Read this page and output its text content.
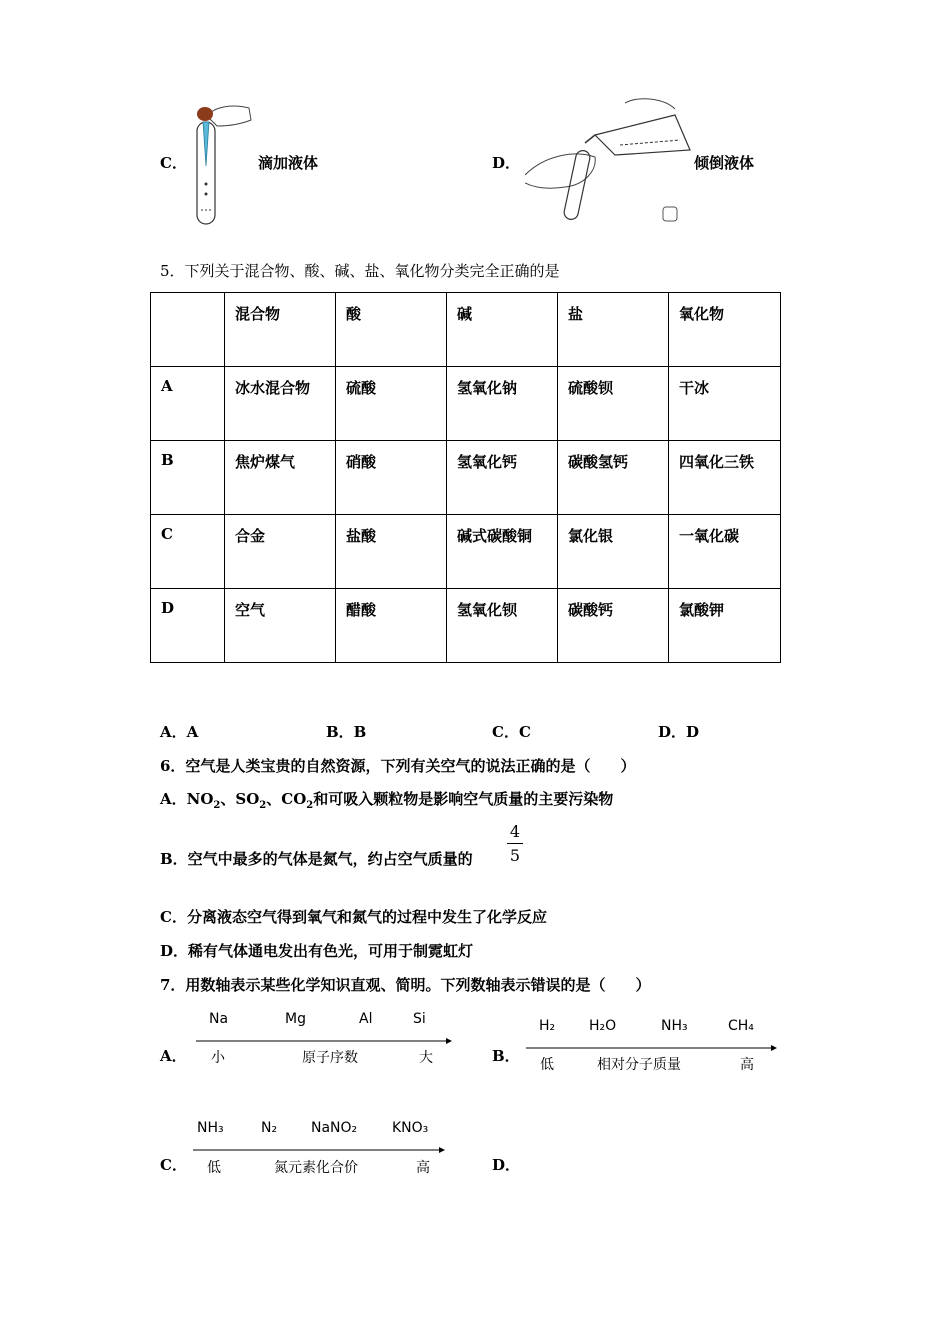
C．	滴加液体	D．	倾倒液体
5．下列关于混合物、酸、碱、盐、氧化物分类完全正确的是
	混合物	酸	碱	盐	氧化物
A	冰水混合物	硫酸	氢氧化钠	硫酸钡	干冰
B	焦炉煤气	硝酸	氢氧化钙	碳酸氢钙	四氧化三铁
C	合金	盐酸	碱式碳酸铜	氯化银	一氧化碳
D	空气	醋酸	氢氧化钡	碳酸钙	氯酸钾
A．A	B．B	C．C	D．D
6．空气是人类宝贵的自然资源，下列有关空气的说法正确的是（　　）
A．$NO_2$、$SO_2$、$CO_2$和可吸入颗粒物是影响空气质量的主要污染物
B．空气中最多的气体是氮气，约占空气质量的
4
5
C．分离液态空气得到氧气和氮气的过程中发生了化学反应
D．稀有气体通电发出有色光，可用于制霓虹灯
7．用数轴表示某些化学知识直观、简明。下列数轴表示错误的是（　　）
A．
Na	Mg	Al	Si
小	原子序数	大	B．
H₂ H₂O	NH₃	CH₄
低	相对分子质量	高
C．
NH₃	N₂ NaNO₂ KNO₃
低	氮元素化合价	高	D．
